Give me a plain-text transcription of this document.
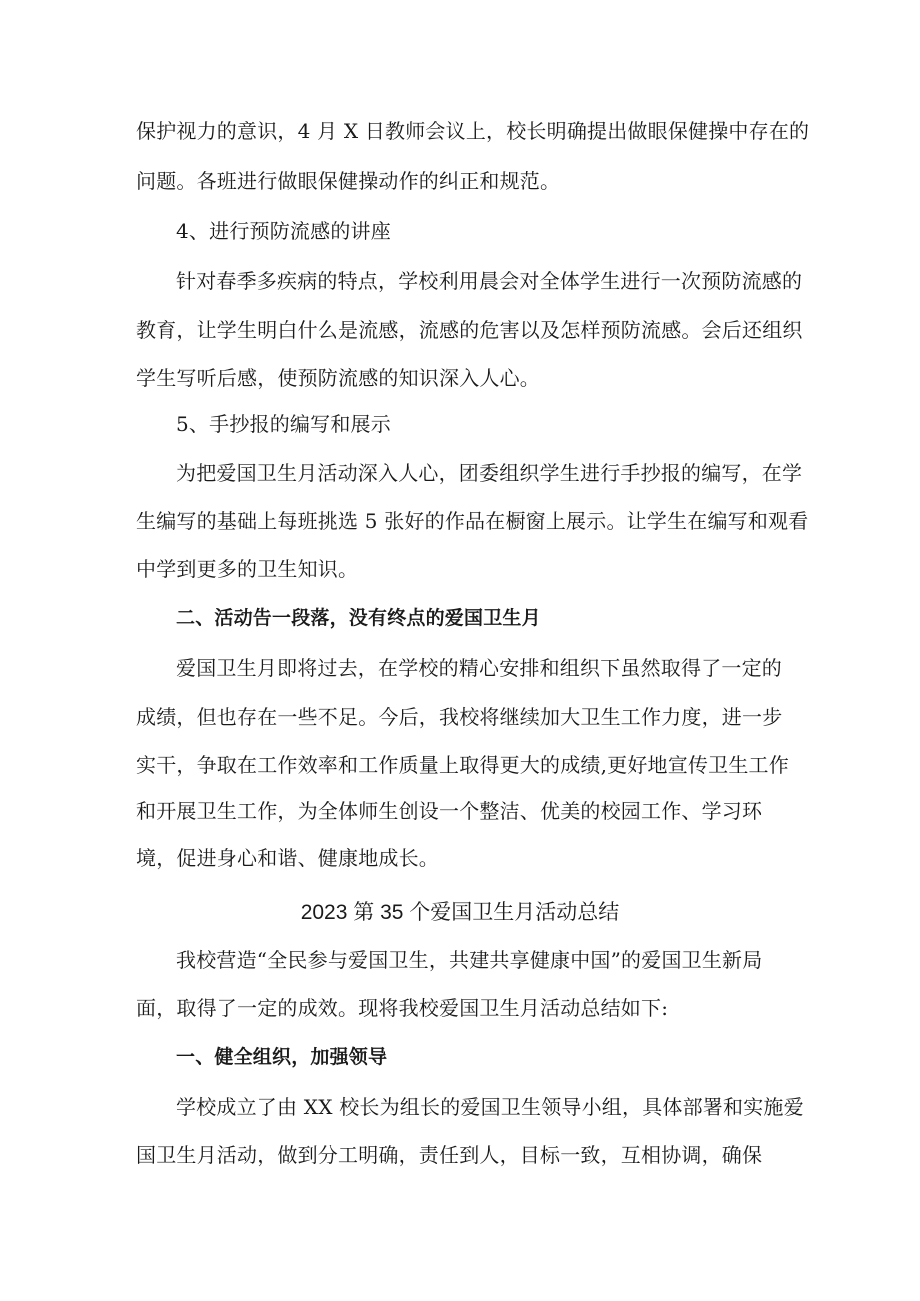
保护视力的意识，4 月 X 日教师会议上，校长明确提出做眼保健操中存在的
问题。各班进行做眼保健操动作的纠正和规范。
4、进行预防流感的讲座
针对春季多疾病的特点，学校利用晨会对全体学生进行一次预防流感的
教育，让学生明白什么是流感，流感的危害以及怎样预防流感。会后还组织
学生写听后感，使预防流感的知识深入人心。
5、手抄报的编写和展示
为把爱国卫生月活动深入人心，团委组织学生进行手抄报的编写，在学
生编写的基础上每班挑选 5 张好的作品在橱窗上展示。让学生在编写和观看
中学到更多的卫生知识。
二、活动告一段落，没有终点的爱国卫生月
爱国卫生月即将过去，在学校的精心安排和组织下虽然取得了一定的
成绩，但也存在一些不足。今后，我校将继续加大卫生工作力度，进一步
实干，争取在工作效率和工作质量上取得更大的成绩,更好地宣传卫生工作
和开展卫生工作，为全体师生创设一个整洁、优美的校园工作、学习环
境，促进身心和谐、健康地成长。
2023 第 35 个爱国卫生月活动总结
我校营造“全民参与爱国卫生，共建共享健康中国”的爱国卫生新局
面，取得了一定的成效。现将我校爱国卫生月活动总结如下:
一、健全组织，加强领导
学校成立了由 XX 校长为组长的爱国卫生领导小组，具体部署和实施爱
国卫生月活动，做到分工明确，责任到人，目标一致，互相协调，确保
